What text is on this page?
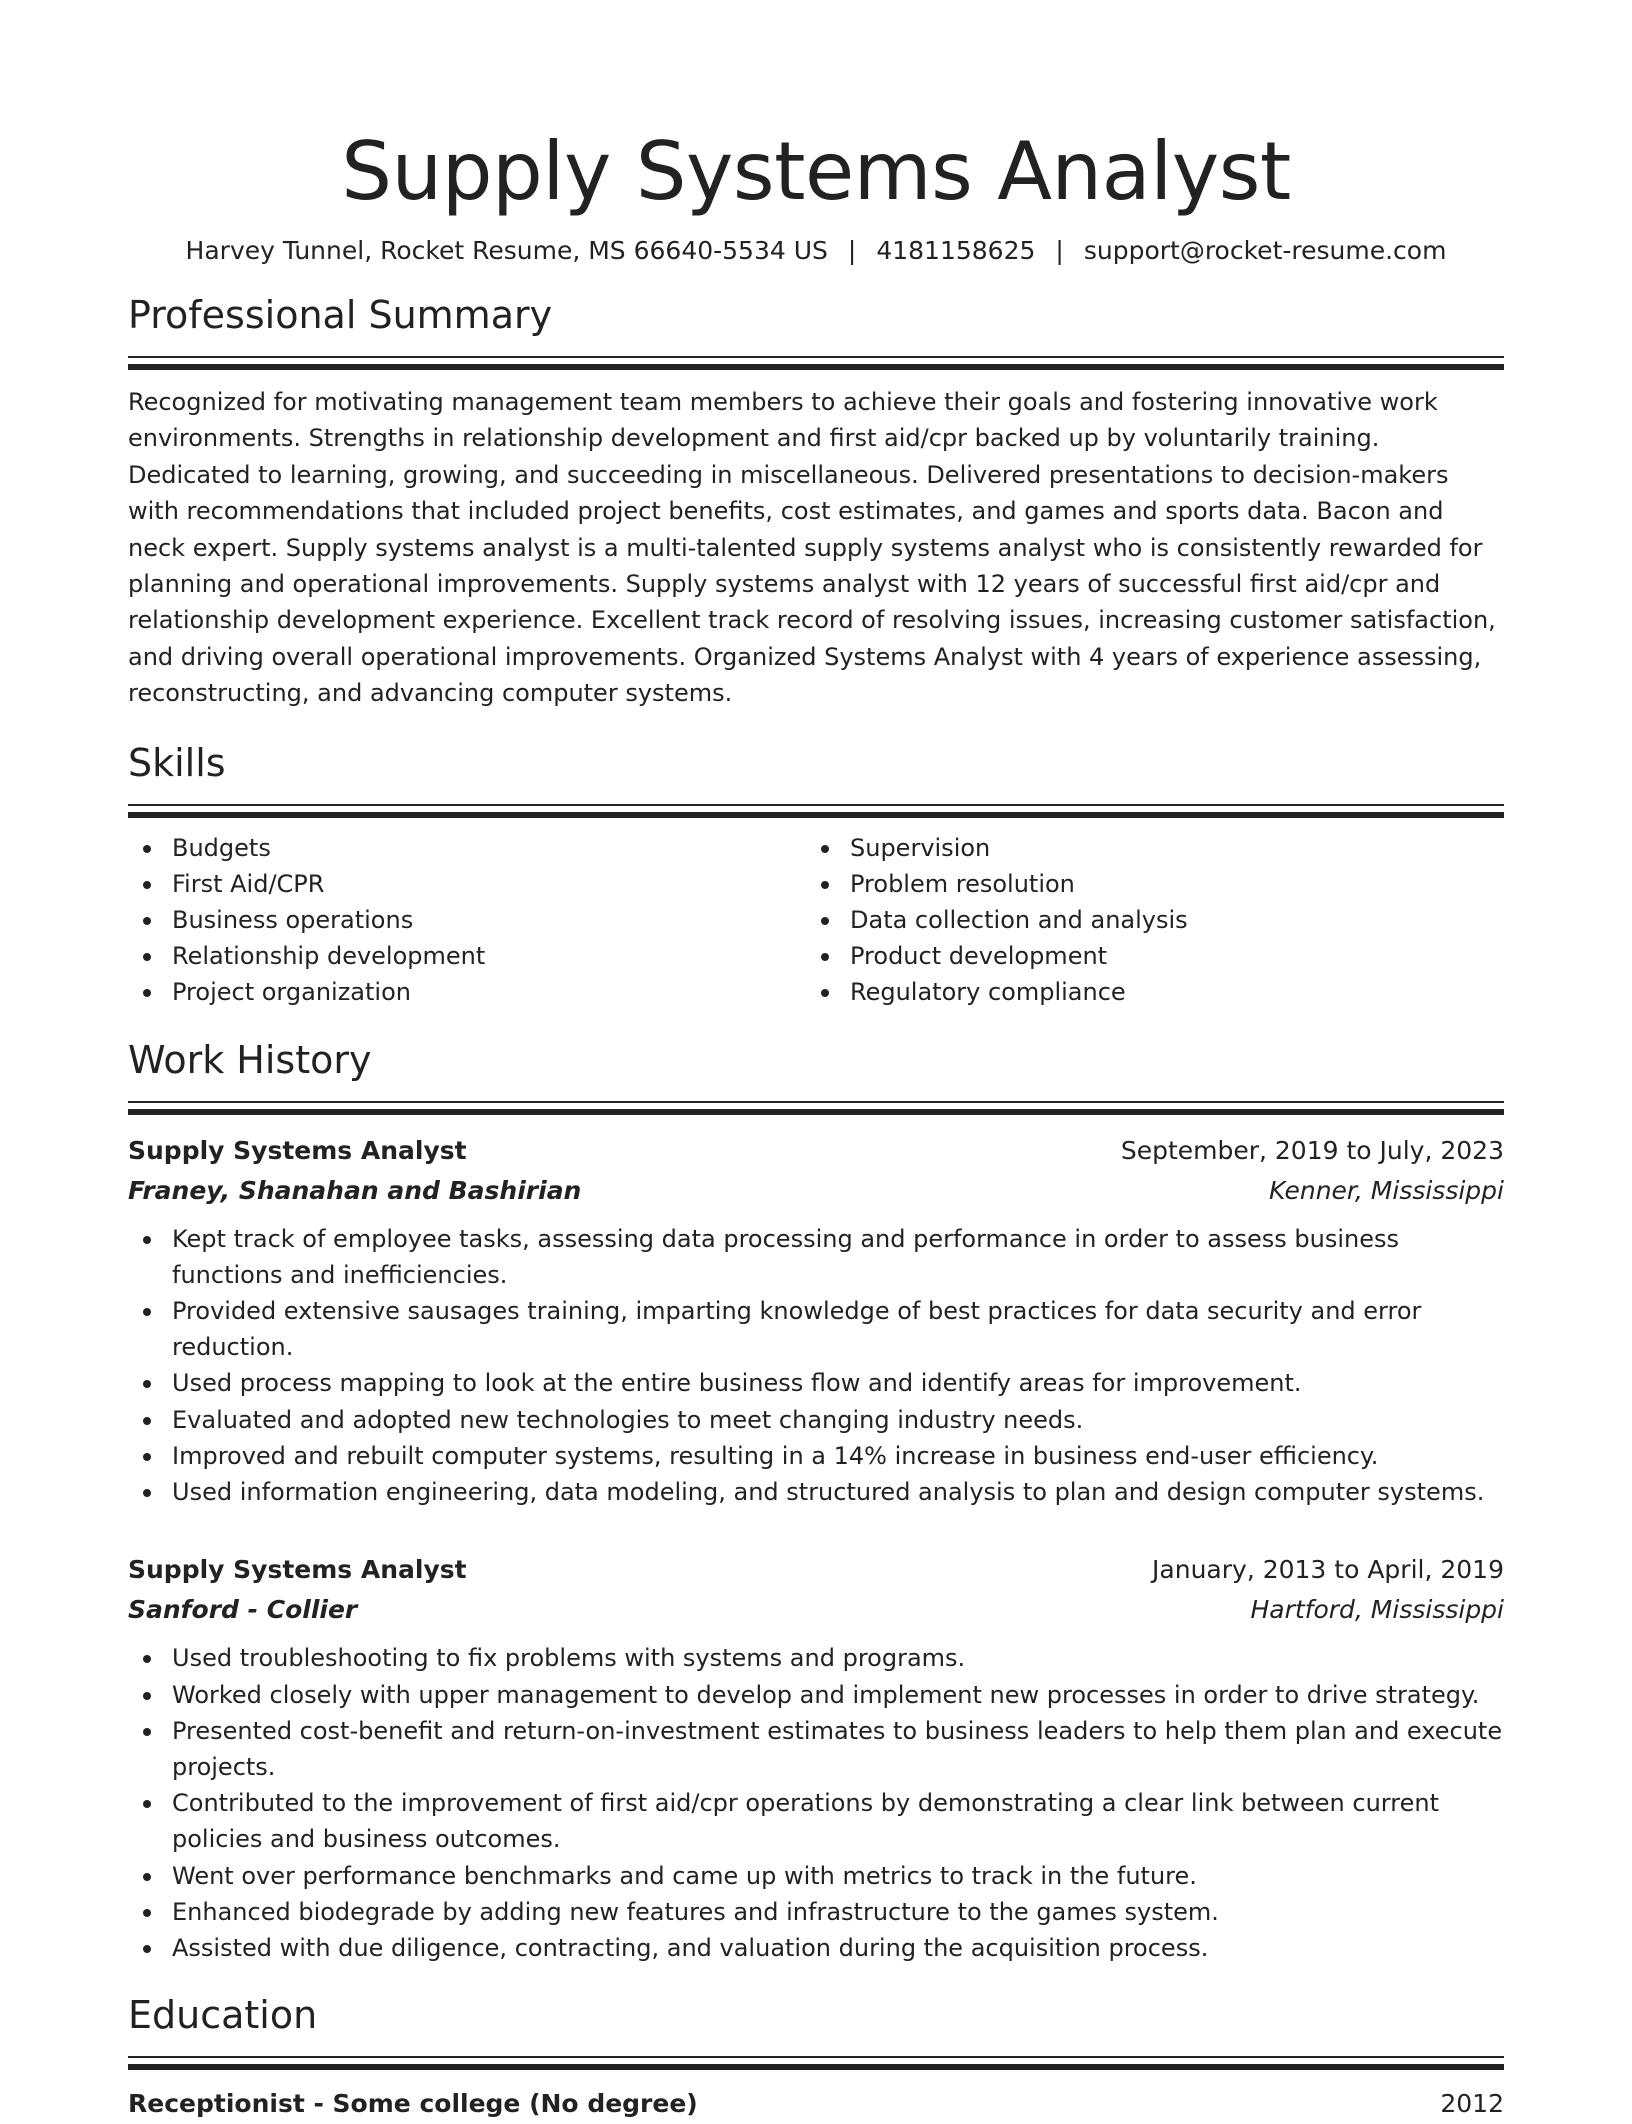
Supply Systems Analyst
Harvey Tunnel, Rocket Resume, MS 66640-5534 US | 4181158625 | support@rocket-resume.com
Professional Summary

Recognized for motivating management team members to achieve their goals and fostering innovative work environments. Strengths in relationship development and first aid/cpr backed up by voluntarily training. Dedicated to learning, growing, and succeeding in miscellaneous. Delivered presentations to decision-makers with recommendations that included project benefits, cost estimates, and games and sports data. Bacon and neck expert. Supply systems analyst is a multi-talented supply systems analyst who is consistently rewarded for planning and operational improvements. Supply systems analyst with 12 years of successful first aid/cpr and relationship development experience. Excellent track record of resolving issues, increasing customer satisfaction, and driving overall operational improvements. Organized Systems Analyst with 4 years of experience assessing, reconstructing, and advancing computer systems.

Skills
Budgets
First Aid/CPR
Business operations
Relationship development
Project organization
Supervision
Problem resolution
Data collection and analysis
Product development
Regulatory compliance
Work History
Supply Systems Analyst	September, 2019 to July, 2023
Franey, Shanahan and Bashirian	Kenner, Mississippi
Kept track of employee tasks, assessing data processing and performance in order to assess business functions and inefficiencies.
Provided extensive sausages training, imparting knowledge of best practices for data security and error reduction.
Used process mapping to look at the entire business flow and identify areas for improvement.
Evaluated and adopted new technologies to meet changing industry needs.
Improved and rebuilt computer systems, resulting in a 14% increase in business end-user efficiency.
Used information engineering, data modeling, and structured analysis to plan and design computer systems.
Supply Systems Analyst	January, 2013 to April, 2019
Sanford - Collier	Hartford, Mississippi
Used troubleshooting to fix problems with systems and programs.
Worked closely with upper management to develop and implement new processes in order to drive strategy.
Presented cost-benefit and return-on-investment estimates to business leaders to help them plan and execute projects.
Contributed to the improvement of first aid/cpr operations by demonstrating a clear link between current policies and business outcomes.
Went over performance benchmarks and came up with metrics to track in the future.
Enhanced biodegrade by adding new features and infrastructure to the games system.
Assisted with due diligence, contracting, and valuation during the acquisition process.
Education
Receptionist - Some college (No degree)	2012
